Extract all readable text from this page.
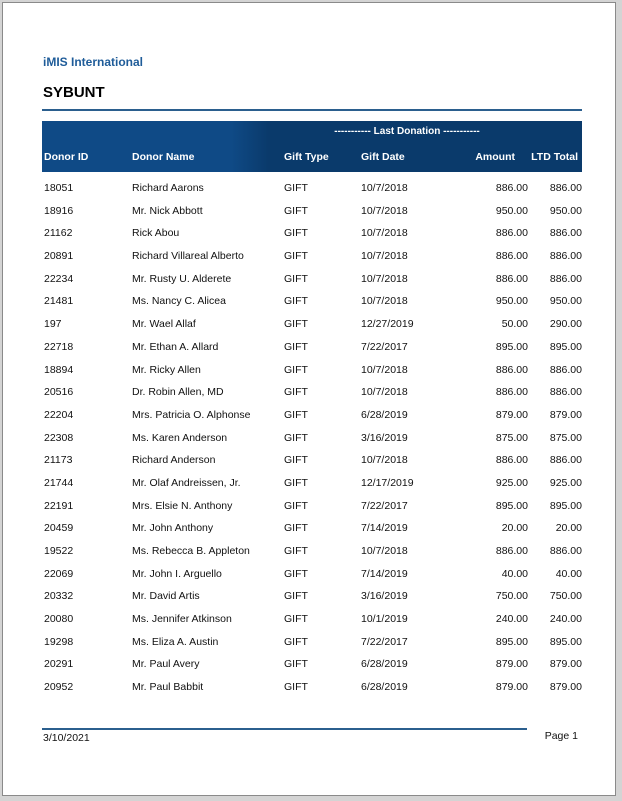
iMIS International
SYBUNT
----------- Last Donation -----------
Donor ID	Donor Name	Gift Type	Gift Date	Amount LTD Total
18051	Richard Aarons	GIFT	10/7/2018	886.00 886.00
18916	Mr. Nick Abbott	GIFT	10/7/2018	950.00 950.00
21162	Rick Abou	GIFT	10/7/2018	886.00 886.00
20891	Richard Villareal Alberto	GIFT	10/7/2018	886.00 886.00
22234	Mr. Rusty U. Alderete	GIFT	10/7/2018	886.00 886.00
21481	Ms. Nancy C. Alicea	GIFT	10/7/2018	950.00 950.00
197	Mr. Wael Allaf	GIFT	12/27/2019	50.00 290.00
22718	Mr. Ethan A. Allard	GIFT	7/22/2017	895.00 895.00
18894	Mr. Ricky Allen	GIFT	10/7/2018	886.00 886.00
20516	Dr. Robin Allen, MD	GIFT	10/7/2018	886.00 886.00
22204	Mrs. Patricia O. Alphonse	GIFT	6/28/2019	879.00 879.00
22308	Ms. Karen Anderson	GIFT	3/16/2019	875.00 875.00
21173	Richard Anderson	GIFT	10/7/2018	886.00 886.00
21744	Mr. Olaf Andreissen, Jr.	GIFT	12/17/2019	925.00 925.00
22191	Mrs. Elsie N. Anthony	GIFT	7/22/2017	895.00 895.00
20459	Mr. John Anthony	GIFT	7/14/2019	20.00	20.00
19522	Ms. Rebecca B. Appleton	GIFT	10/7/2018	886.00 886.00
22069	Mr. John I. Arguello	GIFT	7/14/2019	40.00	40.00
20332	Mr. David Artis	GIFT	3/16/2019	750.00 750.00
20080	Ms. Jennifer Atkinson	GIFT	10/1/2019	240.00 240.00
19298	Ms. Eliza A. Austin	GIFT	7/22/2017	895.00 895.00
20291	Mr. Paul Avery	GIFT	6/28/2019	879.00 879.00
20952	Mr. Paul Babbit	GIFT	6/28/2019	879.00 879.00
3/10/2021	Page 1
